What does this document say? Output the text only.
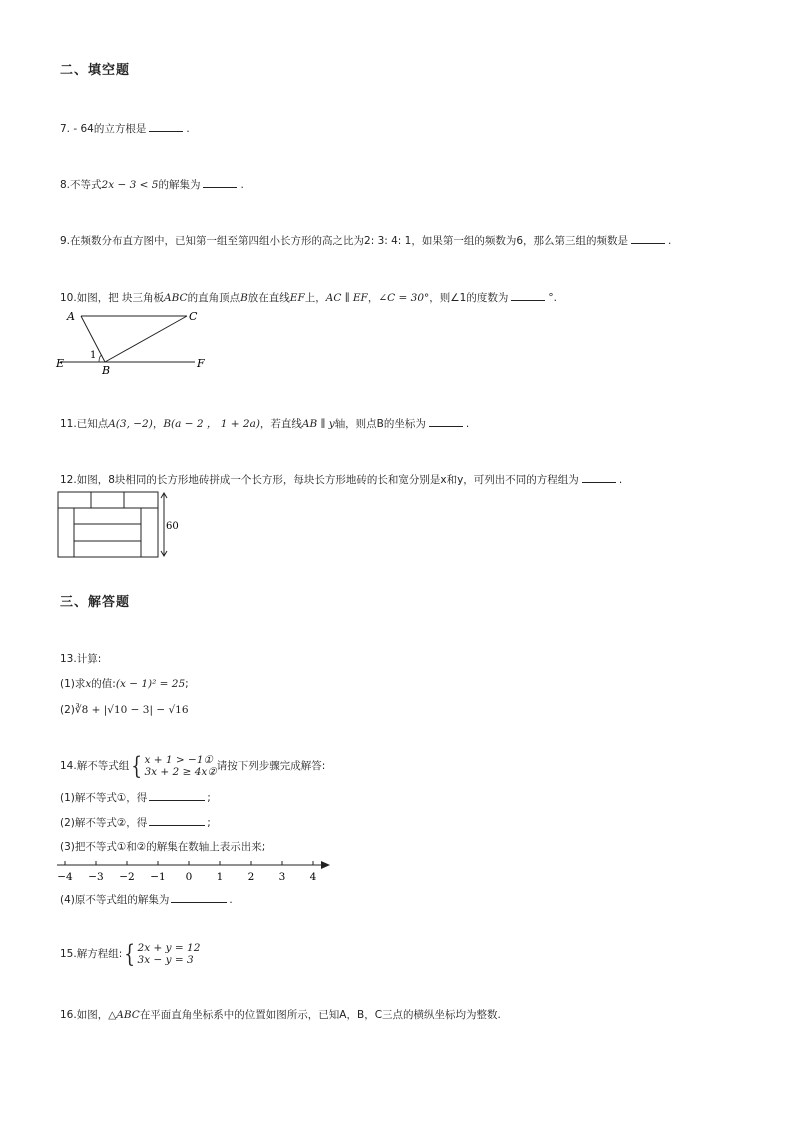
二、填空题
7. - 64的立方根是	.
8.不等式2x − 3 < 5的解集为	.
9.在频数分布直方图中，已知第一组至第四组小长方形的高之比为2: 3: 4: 1，如果第一组的频数为6，那么第三组的频数是	.
10.如图，把 块三角板ABC的直角顶点B放在直线EF上，AC ∥ EF，∠C = 30°，则∠1的度数为	°.
A	C
E	F
B
1
11.已知点A(3, −2)，B(a − 2 ， 1 + 2a)，若直线AB ∥ y轴，则点B的坐标为	.
12.如图，8块相同的长方形地砖拼成一个长方形，每块长方形地砖的长和宽分别是x和y，可列出不同的方程组为	.
60
三、解答题
13.计算:
(1)求x的值:(x − 1)² = 25;
(2)∛8 + |√10 − 3| − √16
14.解不等式组{ x + 1 > −1①
3x + 2 ≥ 4x②请按下列步骤完成解答:
(1)解不等式①，得	;
(2)解不等式②，得	;
(3)把不等式①和②的解集在数轴上表示出来;
−4 −3 −2 −1 0 1 2 3 4
(4)原不等式组的解集为	.
15.解方程组:{ 2x + y = 12
3x − y = 3
16.如图，△ABC在平面直角坐标系中的位置如图所示，已知A，B，C三点的横纵坐标均为整数.
